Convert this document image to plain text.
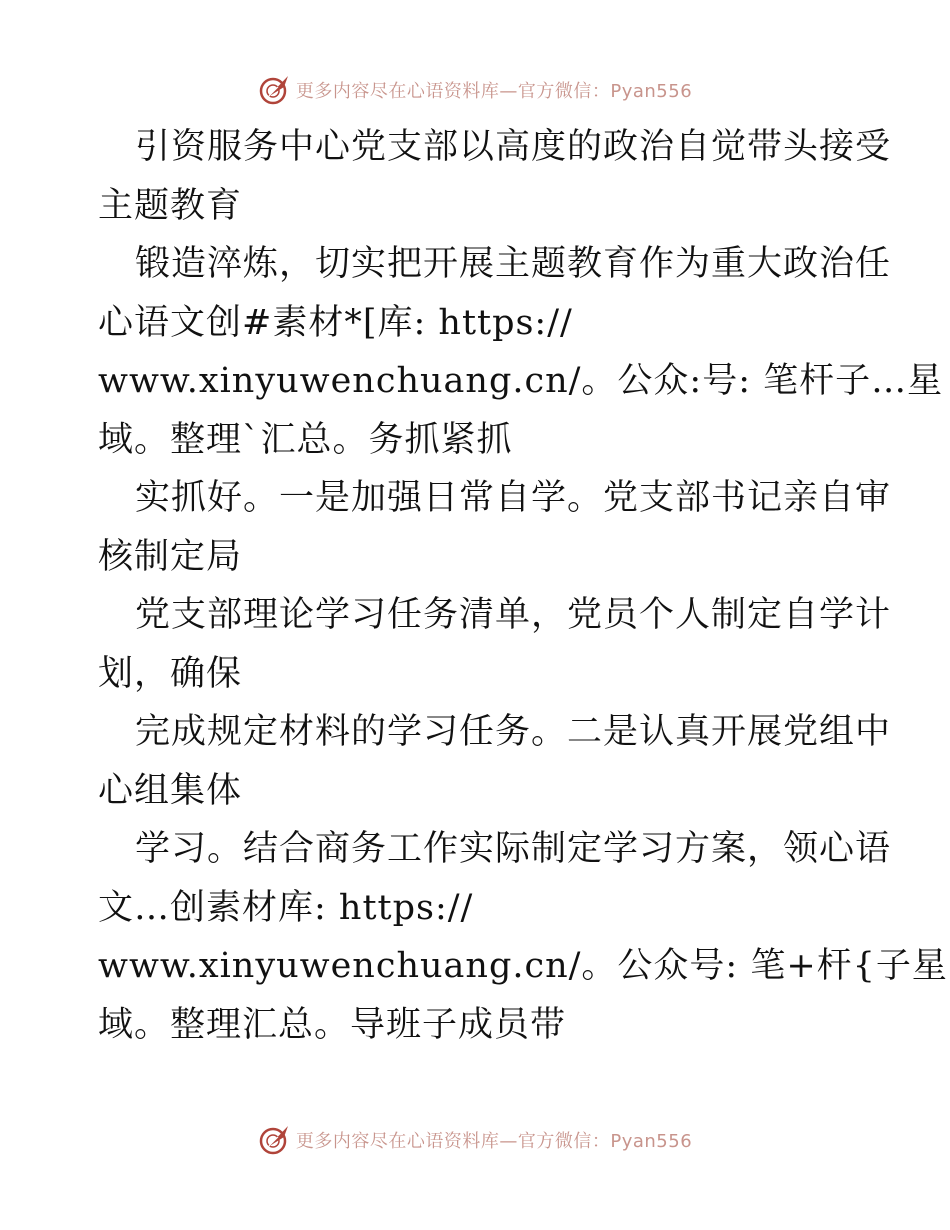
更多内容尽在心语资料库—官方微信：Pyan556
引资服务中心党支部以高度的政治自觉带头接受
主题教育
锻造淬炼，切实把开展主题教育作为重大政治任
心语文创#素材*[库: https://
www.xinyuwenchuang.cn/。公众:号: 笔杆子…星
域。整理`汇总。务抓紧抓
实抓好。一是加强日常自学。党支部书记亲自审
核制定局
党支部理论学习任务清单，党员个人制定自学计
划，确保
完成规定材料的学习任务。二是认真开展党组中
心组集体
学习。结合商务工作实际制定学习方案，领心语
文…创素材库: https://
www.xinyuwenchuang.cn/。公众号: 笔+杆{子星
域。整理汇总。导班子成员带
更多内容尽在心语资料库—官方微信：Pyan556
